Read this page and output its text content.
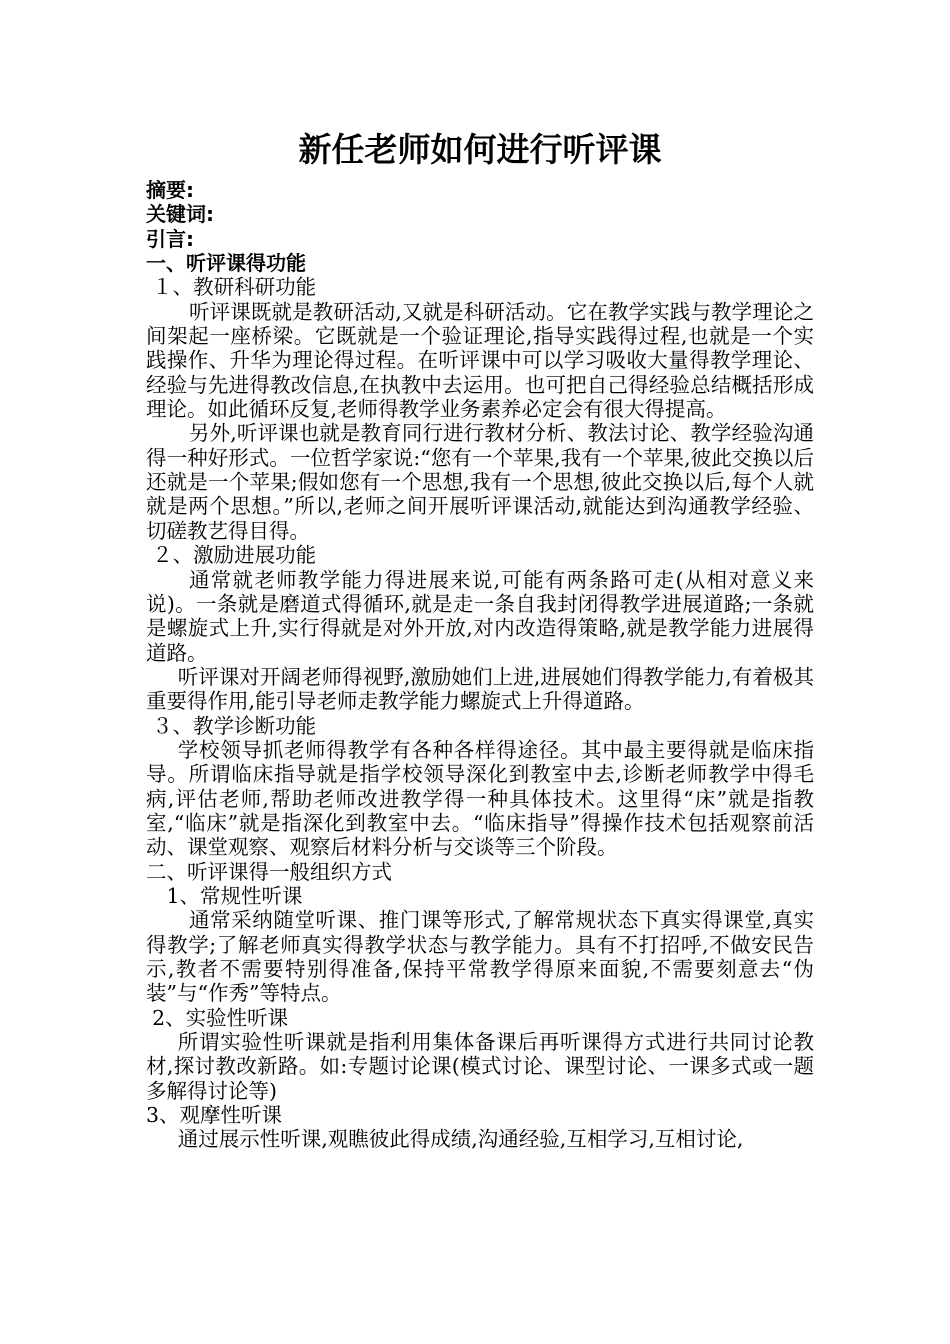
新任老师如何进行听评课
摘要:
关键词:
引言:
一、听评课得功能
１、教研科研功能
听评课既就是教研活动,又就是科研活动。它在教学实践与教学理论之间架起一座桥梁。它既就是一个验证理论,指导实践得过程,也就是一个实践操作、升华为理论得过程。在听评课中可以学习吸收大量得教学理论、经验与先进得教改信息,在执教中去运用。也可把自己得经验总结概括形成理论。如此循环反复,老师得教学业务素养必定会有很大得提高。
另外,听评课也就是教育同行进行教材分析、教法讨论、教学经验沟通得一种好形式。一位哲学家说:“您有一个苹果,我有一个苹果,彼此交换以后还就是一个苹果;假如您有一个思想,我有一个思想,彼此交换以后,每个人就就是两个思想。”所以,老师之间开展听评课活动,就能达到沟通教学经验、切磋教艺得目得。
２、激励进展功能
通常就老师教学能力得进展来说,可能有两条路可走(从相对意义来说)。一条就是磨道式得循环,就是走一条自我封闭得教学进展道路;一条就是螺旋式上升,实行得就是对外开放,对内改造得策略,就是教学能力进展得道路。
听评课对开阔老师得视野,激励她们上进,进展她们得教学能力,有着极其重要得作用,能引导老师走教学能力螺旋式上升得道路。
３、教学诊断功能
学校领导抓老师得教学有各种各样得途径。其中最主要得就是临床指导。所谓临床指导就是指学校领导深化到教室中去,诊断老师教学中得毛病,评估老师,帮助老师改进教学得一种具体技术。这里得“床”就是指教室,“临床”就是指深化到教室中去。“临床指导”得操作技术包括观察前活动、课堂观察、观察后材料分析与交谈等三个阶段。
二、听评课得一般组织方式
1、常规性听课
通常采纳随堂听课、推门课等形式,了解常规状态下真实得课堂,真实得教学;了解老师真实得教学状态与教学能力。具有不打招呼,不做安民告示,教者不需要特别得准备,保持平常教学得原来面貌,不需要刻意去“伪装”与“作秀”等特点。
2、实验性听课
所谓实验性听课就是指利用集体备课后再听课得方式进行共同讨论教材,探讨教改新路。如:专题讨论课(模式讨论、课型讨论、一课多式或一题多解得讨论等)
3、观摩性听课
通过展示性听课,观瞧彼此得成绩,沟通经验,互相学习,互相讨论,
